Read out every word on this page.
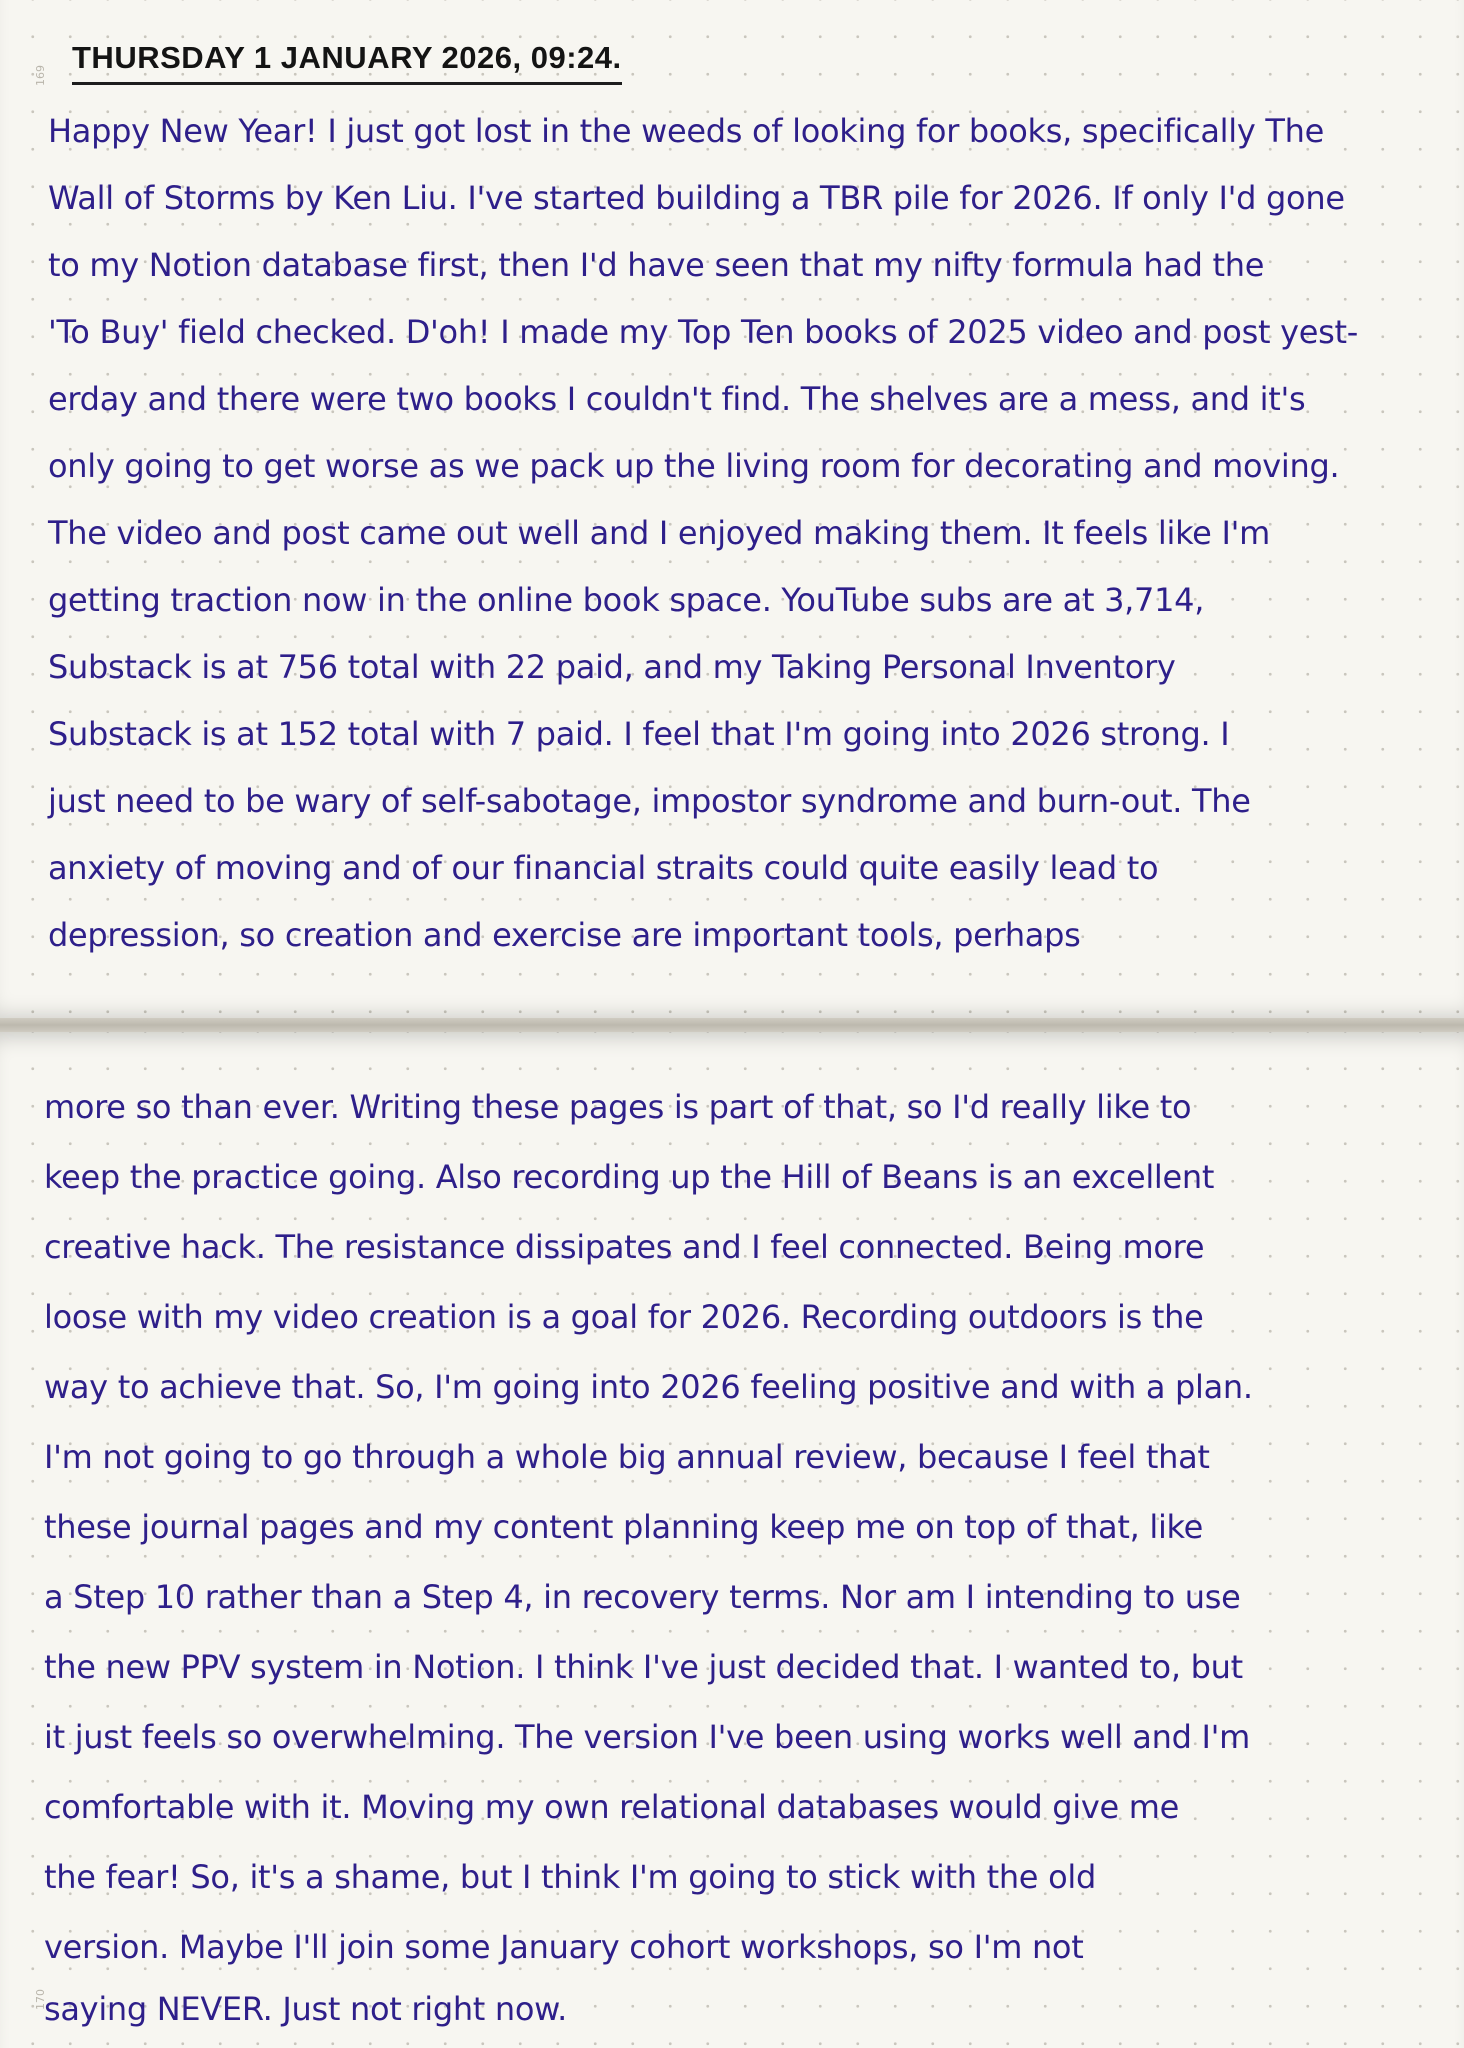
169
THURSDAY 1 JANUARY 2026, 09:24.
Happy New Year! I just got lost in the weeds of looking for books, specifically The
Wall of Storms by Ken Liu. I've started building a TBR pile for 2026. If only I'd gone
to my Notion database first, then I'd have seen that my nifty formula had the
'To Buy' field checked. D'oh! I made my Top Ten books of 2025 video and post yest-
erday and there were two books I couldn't find. The shelves are a mess, and it's
only going to get worse as we pack up the living room for decorating and moving.
The video and post came out well and I enjoyed making them. It feels like I'm
getting traction now in the online book space. YouTube subs are at 3,714,
Substack is at 756 total with 22 paid, and my Taking Personal Inventory
Substack is at 152 total with 7 paid. I feel that I'm going into 2026 strong. I
just need to be wary of self-sabotage, impostor syndrome and burn-out. The
anxiety of moving and of our financial straits could quite easily lead to
depression, so creation and exercise are important tools, perhaps
more so than ever. Writing these pages is part of that, so I'd really like to
keep the practice going. Also recording up the Hill of Beans is an excellent
creative hack. The resistance dissipates and I feel connected. Being more
loose with my video creation is a goal for 2026. Recording outdoors is the
way to achieve that. So, I'm going into 2026 feeling positive and with a plan.
I'm not going to go through a whole big annual review, because I feel that
these journal pages and my content planning keep me on top of that, like
a Step 10 rather than a Step 4, in recovery terms. Nor am I intending to use
the new PPV system in Notion. I think I've just decided that. I wanted to, but
it just feels so overwhelming. The version I've been using works well and I'm
comfortable with it. Moving my own relational databases would give me
the fear! So, it's a shame, but I think I'm going to stick with the old
version. Maybe I'll join some January cohort workshops, so I'm not
saying NEVER. Just not right now.
170
